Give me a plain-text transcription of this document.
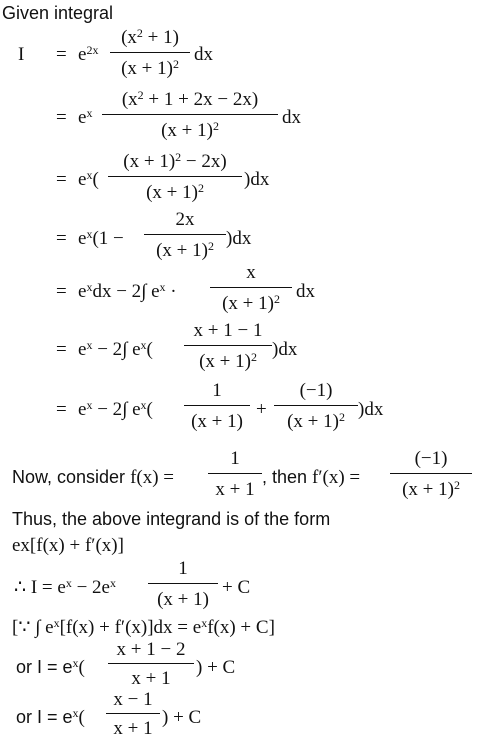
Given integral
$I = e^{2x}$
$(x^2 + 1)$
$(x + 1)^2$ dx
= $e^x$
$(x^2 + 1 + 2x - 2x)$
$(x + 1)^2$	dx
= $e^x$(
$(x + 1)^2 - 2x$)
$(x + 1)^2$ )dx
= $e^x(1$ −
2x
$(x + 1)^2$ )dx
= $e^xdx - 2\int$ $e^x$ ·
x
$(x + 1)^2$ dx
= $e^x - 2\int$ $e^x$(
x + 1 − 1
$(x + 1)^2$ )dx
= $e^x - 2\int$ $e^x$(
1
(x + 1)
+
(−1)
$(x + 1)^2$ )dx
Now, consider f(x) =
1
x + 1
, then f′(x) =
(−1)
$(x + 1)^2$
Thus, the above integrand is of the form
ex[f(x) + f′(x)]
∴ $I = e^x - 2e^x$
1
(x + 1)
+ C
[∵ ∫ $e^x[f(x) + f'(x)]dx = e^xf(x) + C$]
or $I = e^x$(
x + 1 − 2
x + 1
) + C
or $I = e^x$(
x − 1
x + 1
) + C
